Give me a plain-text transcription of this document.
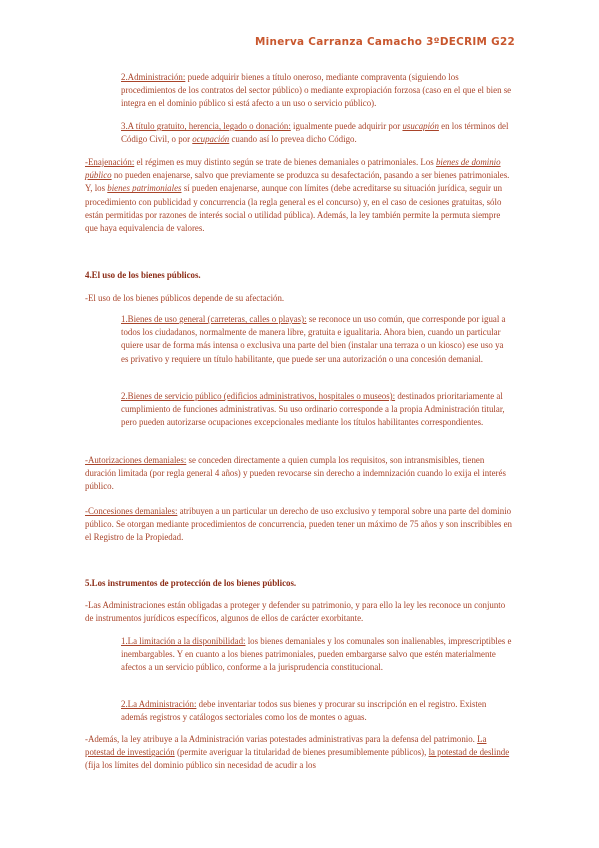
Minerva Carranza Camacho 3ºDECRIM G22

2.Administración: puede adquirir bienes a título oneroso, mediante compraventa (siguiendo los procedimientos de los contratos del sector público) o mediante expropiación forzosa (caso en el que el bien se integra en el dominio público si está afecto a un uso o servicio público).

3.A título gratuito, herencia, legado o donación: igualmente puede adquirir por usucapión en los términos del Código Civil, o por ocupación cuando así lo prevea dicho Código.

-Enajenación: el régimen es muy distinto según se trate de bienes demaniales o patrimoniales. Los bienes de dominio público no pueden enajenarse, salvo que previamente se produzca su desafectación, pasando a ser bienes patrimoniales. Y, los bienes patrimoniales sí pueden enajenarse, aunque con límites (debe acreditarse su situación jurídica, seguir un procedimiento con publicidad y concurrencia (la regla general es el concurso) y, en el caso de cesiones gratuitas, sólo están permitidas por razones de interés social o utilidad pública). Además, la ley también permite la permuta siempre que haya equivalencia de valores.

4.El uso de los bienes públicos.

-El uso de los bienes públicos depende de su afectación.

1.Bienes de uso general (carreteras, calles o playas): se reconoce un uso común, que corresponde por igual a todos los ciudadanos, normalmente de manera libre, gratuita e igualitaria. Ahora bien, cuando un particular quiere usar de forma más intensa o exclusiva una parte del bien (instalar una terraza o un kiosco) ese uso ya es privativo y requiere un título habilitante, que puede ser una autorización o una concesión demanial.

2.Bienes de servicio público (edificios administrativos, hospitales o museos): destinados prioritariamente al cumplimiento de funciones administrativas. Su uso ordinario corresponde a la propia Administración titular, pero pueden autorizarse ocupaciones excepcionales mediante los títulos habilitantes correspondientes.

-Autorizaciones demaniales: se conceden directamente a quien cumpla los requisitos, son intransmisibles, tienen duración limitada (por regla general 4 años) y pueden revocarse sin derecho a indemnización cuando lo exija el interés público.

-Concesiones demaniales: atribuyen a un particular un derecho de uso exclusivo y temporal sobre una parte del dominio público. Se otorgan mediante procedimientos de concurrencia, pueden tener un máximo de 75 años y son inscribibles en el Registro de la Propiedad.

5.Los instrumentos de protección de los bienes públicos.

-Las Administraciones están obligadas a proteger y defender su patrimonio, y para ello la ley les reconoce un conjunto de instrumentos jurídicos específicos, algunos de ellos de carácter exorbitante.

1.La limitación a la disponibilidad: los bienes demaniales y los comunales son inalienables, imprescriptibles e inembargables. Y en cuanto a los bienes patrimoniales, pueden embargarse salvo que estén materialmente afectos a un servicio público, conforme a la jurisprudencia constitucional.

2.La Administración: debe inventariar todos sus bienes y procurar su inscripción en el registro. Existen además registros y catálogos sectoriales como los de montes o aguas.

-Además, la ley atribuye a la Administración varias potestades administrativas para la defensa del patrimonio. La potestad de investigación (permite averiguar la titularidad de bienes presumiblemente públicos), la potestad de deslinde (fija los límites del dominio público sin necesidad de acudir a los
